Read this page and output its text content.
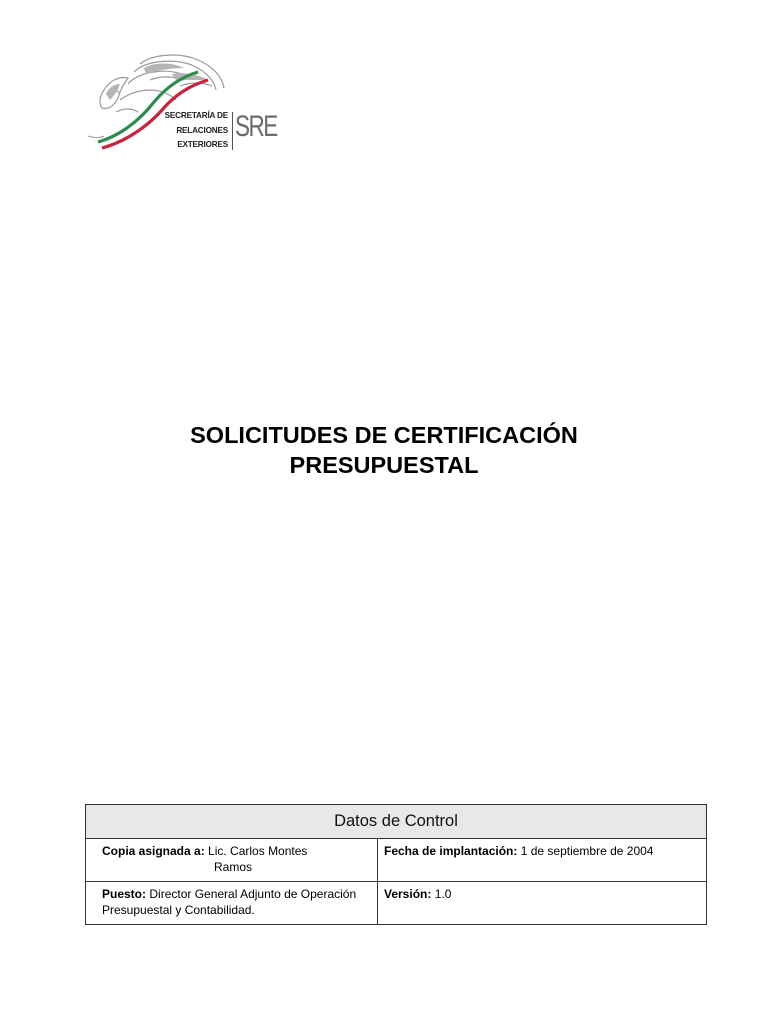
SECRETARÍA DE
RELACIONES
EXTERIORES
SRE
SOLICITUDES DE CERTIFICACIÓN
PRESUPUESTAL
Datos de Control
Copia asignada a: Lic. Carlos Montes
Ramos
Fecha de implantación: 1 de septiembre de 2004
Puesto: Director General Adjunto de Operación
Presupuestal y Contabilidad.
Versión: 1.0
